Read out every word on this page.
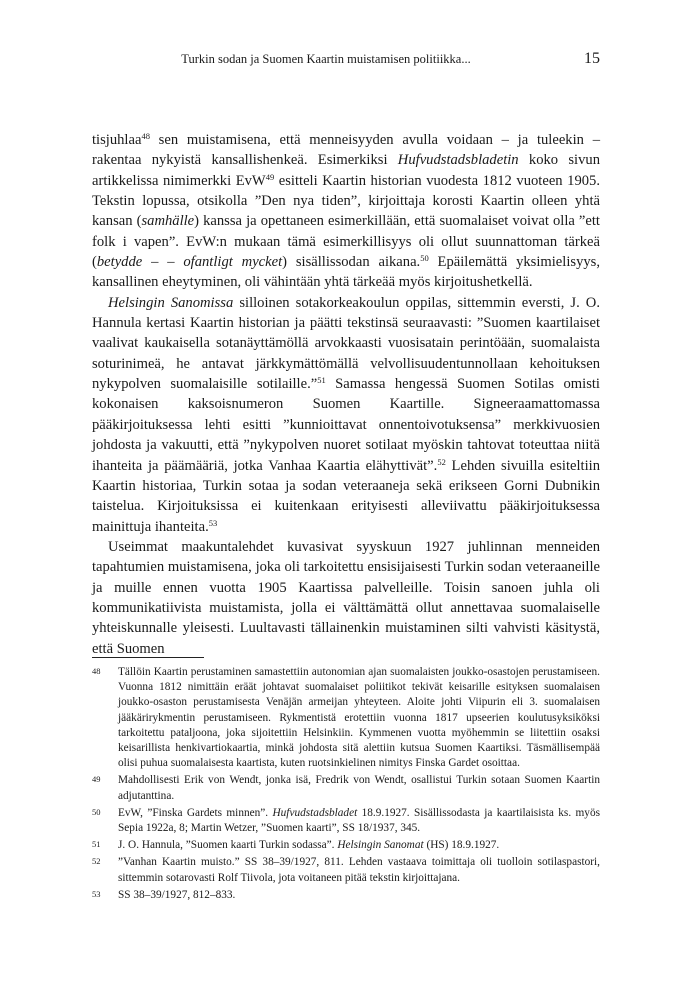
Turkin sodan ja Suomen Kaartin muistamisen politiikka...	15

tisjuhlaa$^{48}$ sen muistamisena, että menneisyyden avulla voidaan – ja tuleekin – rakentaa nykyistä kansallishenkeä. Esimerkiksi Hufvudstadsbladetin koko sivun artikkelissa nimimerkki EvW$^{49}$ esitteli Kaartin historian vuodesta 1812 vuoteen 1905. Tekstin lopussa, otsikolla ”Den nya tiden”, kirjoittaja korosti Kaartin olleen yhtä kansan (samhälle) kanssa ja opettaneen esimerkillään, että suomalaiset voivat olla ”ett folk i vapen”. EvW:n mukaan tämä esimerkillisyys oli ollut suunnattoman tärkeä (betydde – – ofantligt mycket) sisällissodan aikana.$^{50}$ Epäilemättä yksimielisyys, kansallinen eheytyminen, oli vähintään yhtä tärkeää myös kirjoitushetkellä.

Helsingin Sanomissa silloinen sotakorkeakoulun oppilas, sittemmin eversti, J. O. Hannula kertasi Kaartin historian ja päätti tekstinsä seuraavasti: ”Suomen kaartilaiset vaalivat kaukaisella sotanäyttämöllä arvokkaasti vuosisatain perintöään, suomalaista soturinimeä, he antavat järkkymättömällä velvollisuudentunnollaan kehoituksen nykypolven suomalaisille sotilaille.”$^{51}$ Samassa hengessä Suomen Sotilas omisti kokonaisen kaksoisnumeron Suomen Kaartille. Signeeraamattomassa pääkirjoituksessa lehti esitti ”kunnioittavat onnentoivotuksensa” merkkivuosien johdosta ja vakuutti, että ”nykypolven nuoret sotilaat myöskin tahtovat toteuttaa niitä ihanteita ja päämääriä, jotka Vanhaa Kaartia elähyttivät”.$^{52}$ Lehden sivuilla esiteltiin Kaartin historiaa, Turkin sotaa ja sodan veteraaneja sekä erikseen Gorni Dubnikin taistelua. Kirjoituksissa ei kuitenkaan erityisesti alleviivattu pääkirjoituksessa mainittuja ihanteita.$^{53}$

Useimmat maakuntalehdet kuvasivat syyskuun 1927 juhlinnan menneiden tapahtumien muistamisena, joka oli tarkoitettu ensisijaisesti Turkin sodan veteraaneille ja muille ennen vuotta 1905 Kaartissa palvelleille. Toisin sanoen juhla oli kommunikatiivista muistamista, jolla ei välttämättä ollut annettavaa suomalaiselle yhteiskunnalle yleisesti. Luultavasti tällainenkin muistaminen silti vahvisti käsitystä, että Suomen

48 Tällöin Kaartin perustaminen samastettiin autonomian ajan suomalaisten joukko-osastojen perustamiseen. Vuonna 1812 nimittäin eräät johtavat suomalaiset poliitikot tekivät keisarille esityksen suomalaisen joukko-osaston perustamisesta Venäjän armeijan yhteyteen. Aloite johti Viipurin eli 3. suomalaisen jääkärirykmentin perustamiseen. Rykmentistä erotettiin vuonna 1817 upseerien koulutusyksiköksi tarkoitettu pataljoona, joka sijoitettiin Helsinkiin. Kymmenen vuotta myöhemmin se liitettiin osaksi keisarillista henkivartiokaartia, minkä johdosta sitä alettiin kutsua Suomen Kaartiksi. Täsmällisempää olisi puhua suomalaisesta kaartista, kuten ruotsinkielinen nimitys Finska Gardet osoittaa.
49 Mahdollisesti Erik von Wendt, jonka isä, Fredrik von Wendt, osallistui Turkin sotaan Suomen Kaartin adjutanttina.
50 EvW, ”Finska Gardets minnen”. Hufvudstadsbladet 18.9.1927. Sisällissodasta ja kaartilaisista ks. myös Sepia 1922a, 8; Martin Wetzer, ”Suomen kaarti”, SS 18/1937, 345.
51 J. O. Hannula, ”Suomen kaarti Turkin sodassa”. Helsingin Sanomat (HS) 18.9.1927.
52 ”Vanhan Kaartin muisto.” SS 38–39/1927, 811. Lehden vastaava toimittaja oli tuolloin sotilaspastori, sittemmin sotarovasti Rolf Tiivola, jota voitaneen pitää tekstin kirjoittajana.
53 SS 38–39/1927, 812–833.
